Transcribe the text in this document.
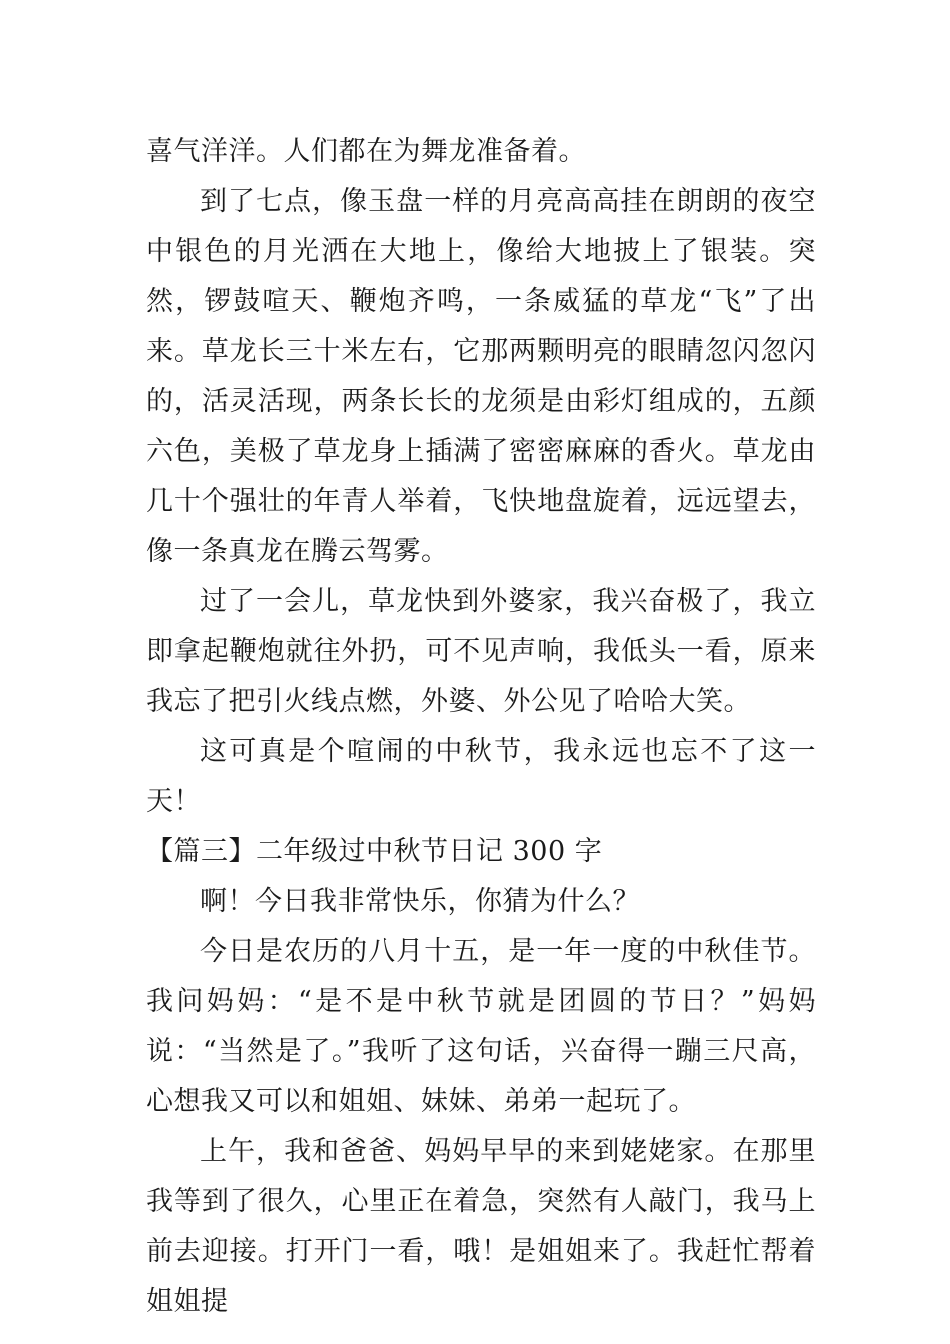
喜气洋洋。人们都在为舞龙准备着。

到了七点，像玉盘一样的月亮高高挂在朗朗的夜空中银色的月光洒在大地上，像给大地披上了银装。突然，锣鼓喧天、鞭炮齐鸣，一条威猛的草龙“飞”了出来。草龙长三十米左右，它那两颗明亮的眼睛忽闪忽闪的，活灵活现，两条长长的龙须是由彩灯组成的，五颜六色，美极了草龙身上插满了密密麻麻的香火。草龙由几十个强壮的年青人举着，飞快地盘旋着，远远望去，像一条真龙在腾云驾雾。

过了一会儿，草龙快到外婆家，我兴奋极了，我立即拿起鞭炮就往外扔，可不见声响，我低头一看，原来我忘了把引火线点燃，外婆、外公见了哈哈大笑。

这可真是个喧闹的中秋节，我永远也忘不了这一天！

【篇三】二年级过中秋节日记 300 字

啊！今日我非常快乐，你猜为什么？

今日是农历的八月十五，是一年一度的中秋佳节。我问妈妈：“是不是中秋节就是团圆的节日？”妈妈说：“当然是了。”我听了这句话，兴奋得一蹦三尺高，心想我又可以和姐姐、妹妹、弟弟一起玩了。

上午，我和爸爸、妈妈早早的来到姥姥家。在那里我等到了很久，心里正在着急，突然有人敲门，我马上前去迎接。打开门一看，哦！是姐姐来了。我赶忙帮着姐姐提
